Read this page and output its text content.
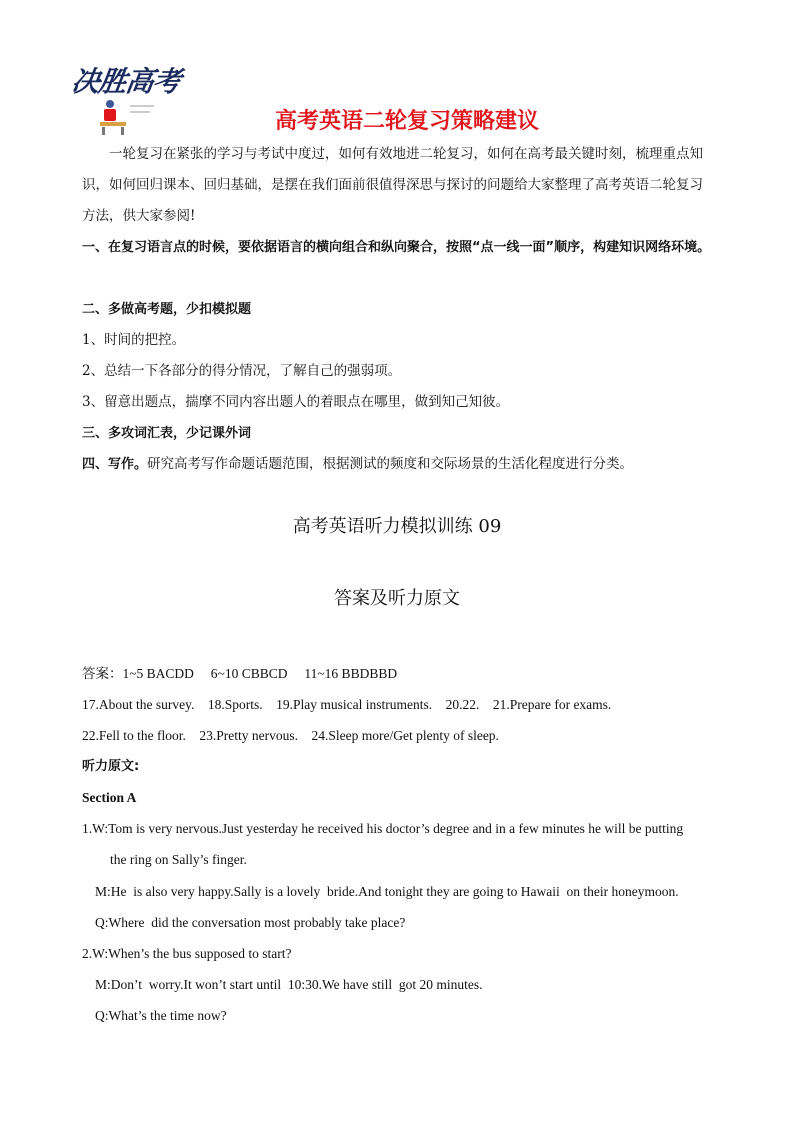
决胜高考
高考英语二轮复习策略建议
一轮复习在紧张的学习与考试中度过，如何有效地进二轮复习，如何在高考最关键时刻，梳理重点知识，如何回归课本、回归基础，是摆在我们面前很值得深思与探讨的问题给大家整理了高考英语二轮复习方法，供大家参阅!
一、在复习语言点的时候，要依据语言的横向组合和纵向聚合，按照“点一线一面”顺序，构建知识网络环境。
二、多做高考题，少扣模拟题
1、时间的把控。
2、总结一下各部分的得分情况，了解自己的强弱项。
3、留意出题点，揣摩不同内容出题人的着眼点在哪里，做到知己知彼。
三、多攻词汇表，少记课外词
四、写作。研究高考写作命题话题范围，根据测试的频度和交际场景的生活化程度进行分类。
高考英语听力模拟训练 09
答案及听力原文
答案：1~5 BACDD     6~10 CBBCD     11~16 BBDBBD
17.About the survey.    18.Sports.    19.Play musical instruments.    20.22.    21.Prepare for exams.
22.Fell to the floor.    23.Pretty nervous.    24.Sleep more/Get plenty of sleep.
听力原文:
Section A
1.W:Tom is very nervous.Just yesterday he received his doctor’s degree and in a few minutes he will be putting
the ring on Sally’s finger.
M:He  is also very happy.Sally is a lovely  bride.And tonight they are going to Hawaii  on their honeymoon.
Q:Where  did the conversation most probably take place?
2.W:When’s the bus supposed to start?
M:Don’t  worry.It won’t start until  10:30.We have still  got 20 minutes.
Q:What’s the time now?
